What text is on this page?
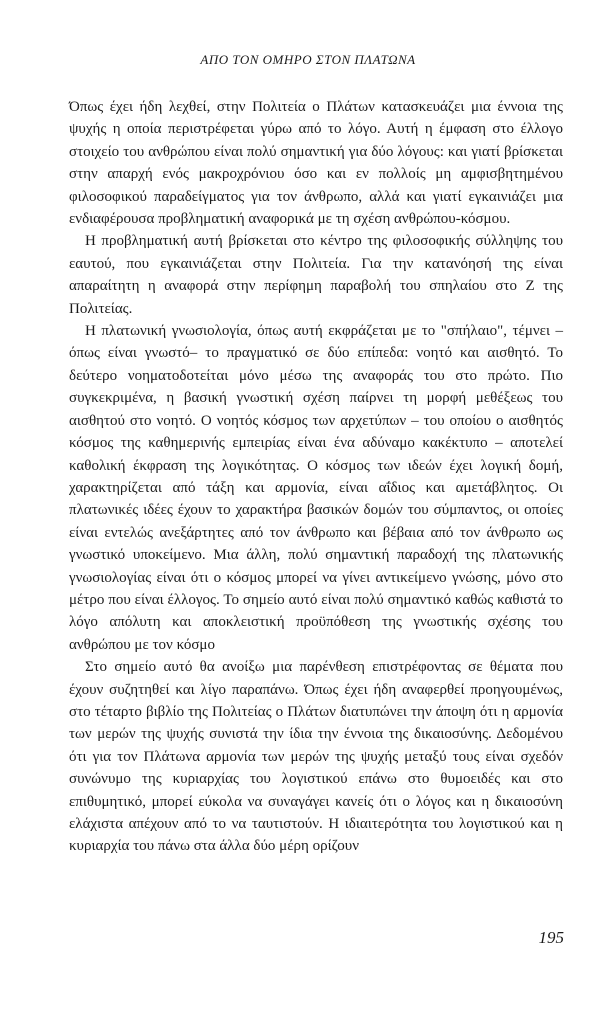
ΑΠΟ ΤΟΝ ΟΜΗΡΟ ΣΤΟΝ ΠΛΑΤΩΝΑ

Όπως έχει ήδη λεχθεί, στην Πολιτεία ο Πλάτων κατασκευάζει μια έννοια της ψυχής η οποία περιστρέφεται γύρω από το λόγο. Αυτή η έμφαση στο έλλογο στοιχείο του ανθρώπου είναι πολύ σημαντική για δύο λόγους: και γιατί βρίσκεται στην απαρχή ενός μακροχρόνιου όσο και εν πολλοίς μη αμφισβητημένου φιλοσοφικού παραδείγματος για τον άνθρωπο, αλλά και γιατί εγκαινιάζει μια ενδιαφέρουσα προβληματική αναφορικά με τη σχέση ανθρώπου-κόσμου.

Η προβληματική αυτή βρίσκεται στο κέντρο της φιλοσοφικής σύλληψης του εαυτού, που εγκαινιάζεται στην Πολιτεία. Για την κατανόησή της είναι απαραίτητη η αναφορά στην περίφημη παραβολή του σπηλαίου στο Ζ της Πολιτείας.

Η πλατωνική γνωσιολογία, όπως αυτή εκφράζεται με το "σπήλαιο", τέμνει –όπως είναι γνωστό– το πραγματικό σε δύο επίπεδα: νοητό και αισθητό. Το δεύτερο νοηματοδοτείται μόνο μέσω της αναφοράς του στο πρώτο. Πιο συγκεκριμένα, η βασική γνωστική σχέση παίρνει τη μορφή μεθέξεως του αισθητού στο νοητό. Ο νοητός κόσμος των αρχετύπων – του οποίου ο αισθητός κόσμος της καθημερινής εμπειρίας είναι ένα αδύναμο κακέκτυπο – αποτελεί καθολική έκφραση της λογικότητας. Ο κόσμος των ιδεών έχει λογική δομή, χαρακτηρίζεται από τάξη και αρμονία, είναι αΐδιος και αμετάβλητος. Οι πλατωνικές ιδέες έχουν το χαρακτήρα βασικών δομών του σύμπαντος, οι οποίες είναι εντελώς ανεξάρτητες από τον άνθρωπο και βέβαια από τον άνθρωπο ως γνωστικό υποκείμενο. Μια άλλη, πολύ σημαντική παραδοχή της πλατωνικής γνωσιολογίας είναι ότι ο κόσμος μπορεί να γίνει αντικείμενο γνώσης, μόνο στο μέτρο που είναι έλλογος. Το σημείο αυτό είναι πολύ σημαντικό καθώς καθιστά το λόγο απόλυτη και αποκλειστική προϋπόθεση της γνωστικής σχέσης του ανθρώπου με τον κόσμο

Στο σημείο αυτό θα ανοίξω μια παρένθεση επιστρέφοντας σε θέματα που έχουν συζητηθεί και λίγο παραπάνω. Όπως έχει ήδη αναφερθεί προηγουμένως, στο τέταρτο βιβλίο της Πολιτείας ο Πλάτων διατυπώνει την άποψη ότι η αρμονία των μερών της ψυχής συνιστά την ίδια την έννοια της δικαιοσύνης. Δεδομένου ότι για τον Πλάτωνα αρμονία των μερών της ψυχής μεταξύ τους είναι σχεδόν συνώνυμο της κυριαρχίας του λογιστικού επάνω στο θυμοειδές και στο επιθυμητικό, μπορεί εύκολα να συναγάγει κανείς ότι ο λόγος και η δικαιοσύνη ελάχιστα απέχουν από το να ταυτιστούν. Η ιδιαιτερότητα του λογιστικού και η κυριαρχία του πάνω στα άλλα δύο μέρη ορίζουν

195
